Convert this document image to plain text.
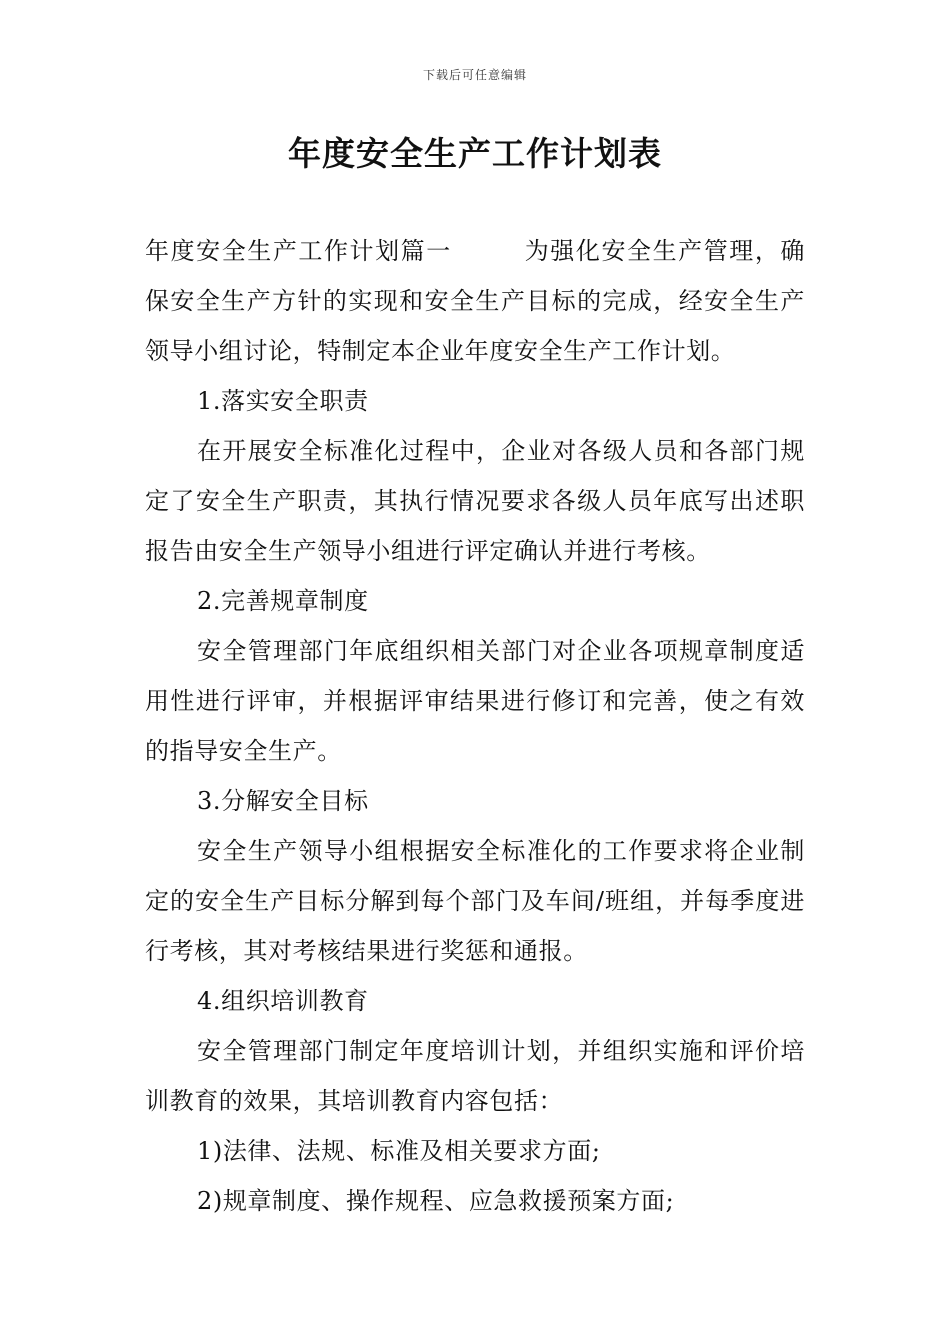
下载后可任意编辑
年度安全生产工作计划表

年度安全生产工作计划篇一	为强化安全生产管理，确保安全生产方针的实现和安全生产目标的完成，经安全生产领导小组讨论，特制定本企业年度安全生产工作计划。

1.落实安全职责

在开展安全标准化过程中，企业对各级人员和各部门规定了安全生产职责，其执行情况要求各级人员年底写出述职报告由安全生产领导小组进行评定确认并进行考核。

2.完善规章制度

安全管理部门年底组织相关部门对企业各项规章制度适用性进行评审，并根据评审结果进行修订和完善，使之有效的指导安全生产。

3.分解安全目标

安全生产领导小组根据安全标准化的工作要求将企业制定的安全生产目标分解到每个部门及车间/班组，并每季度进行考核，其对考核结果进行奖惩和通报。

4.组织培训教育

安全管理部门制定年度培训计划，并组织实施和评价培训教育的效果，其培训教育内容包括：

1)法律、法规、标准及相关要求方面;

2)规章制度、操作规程、应急救援预案方面;
